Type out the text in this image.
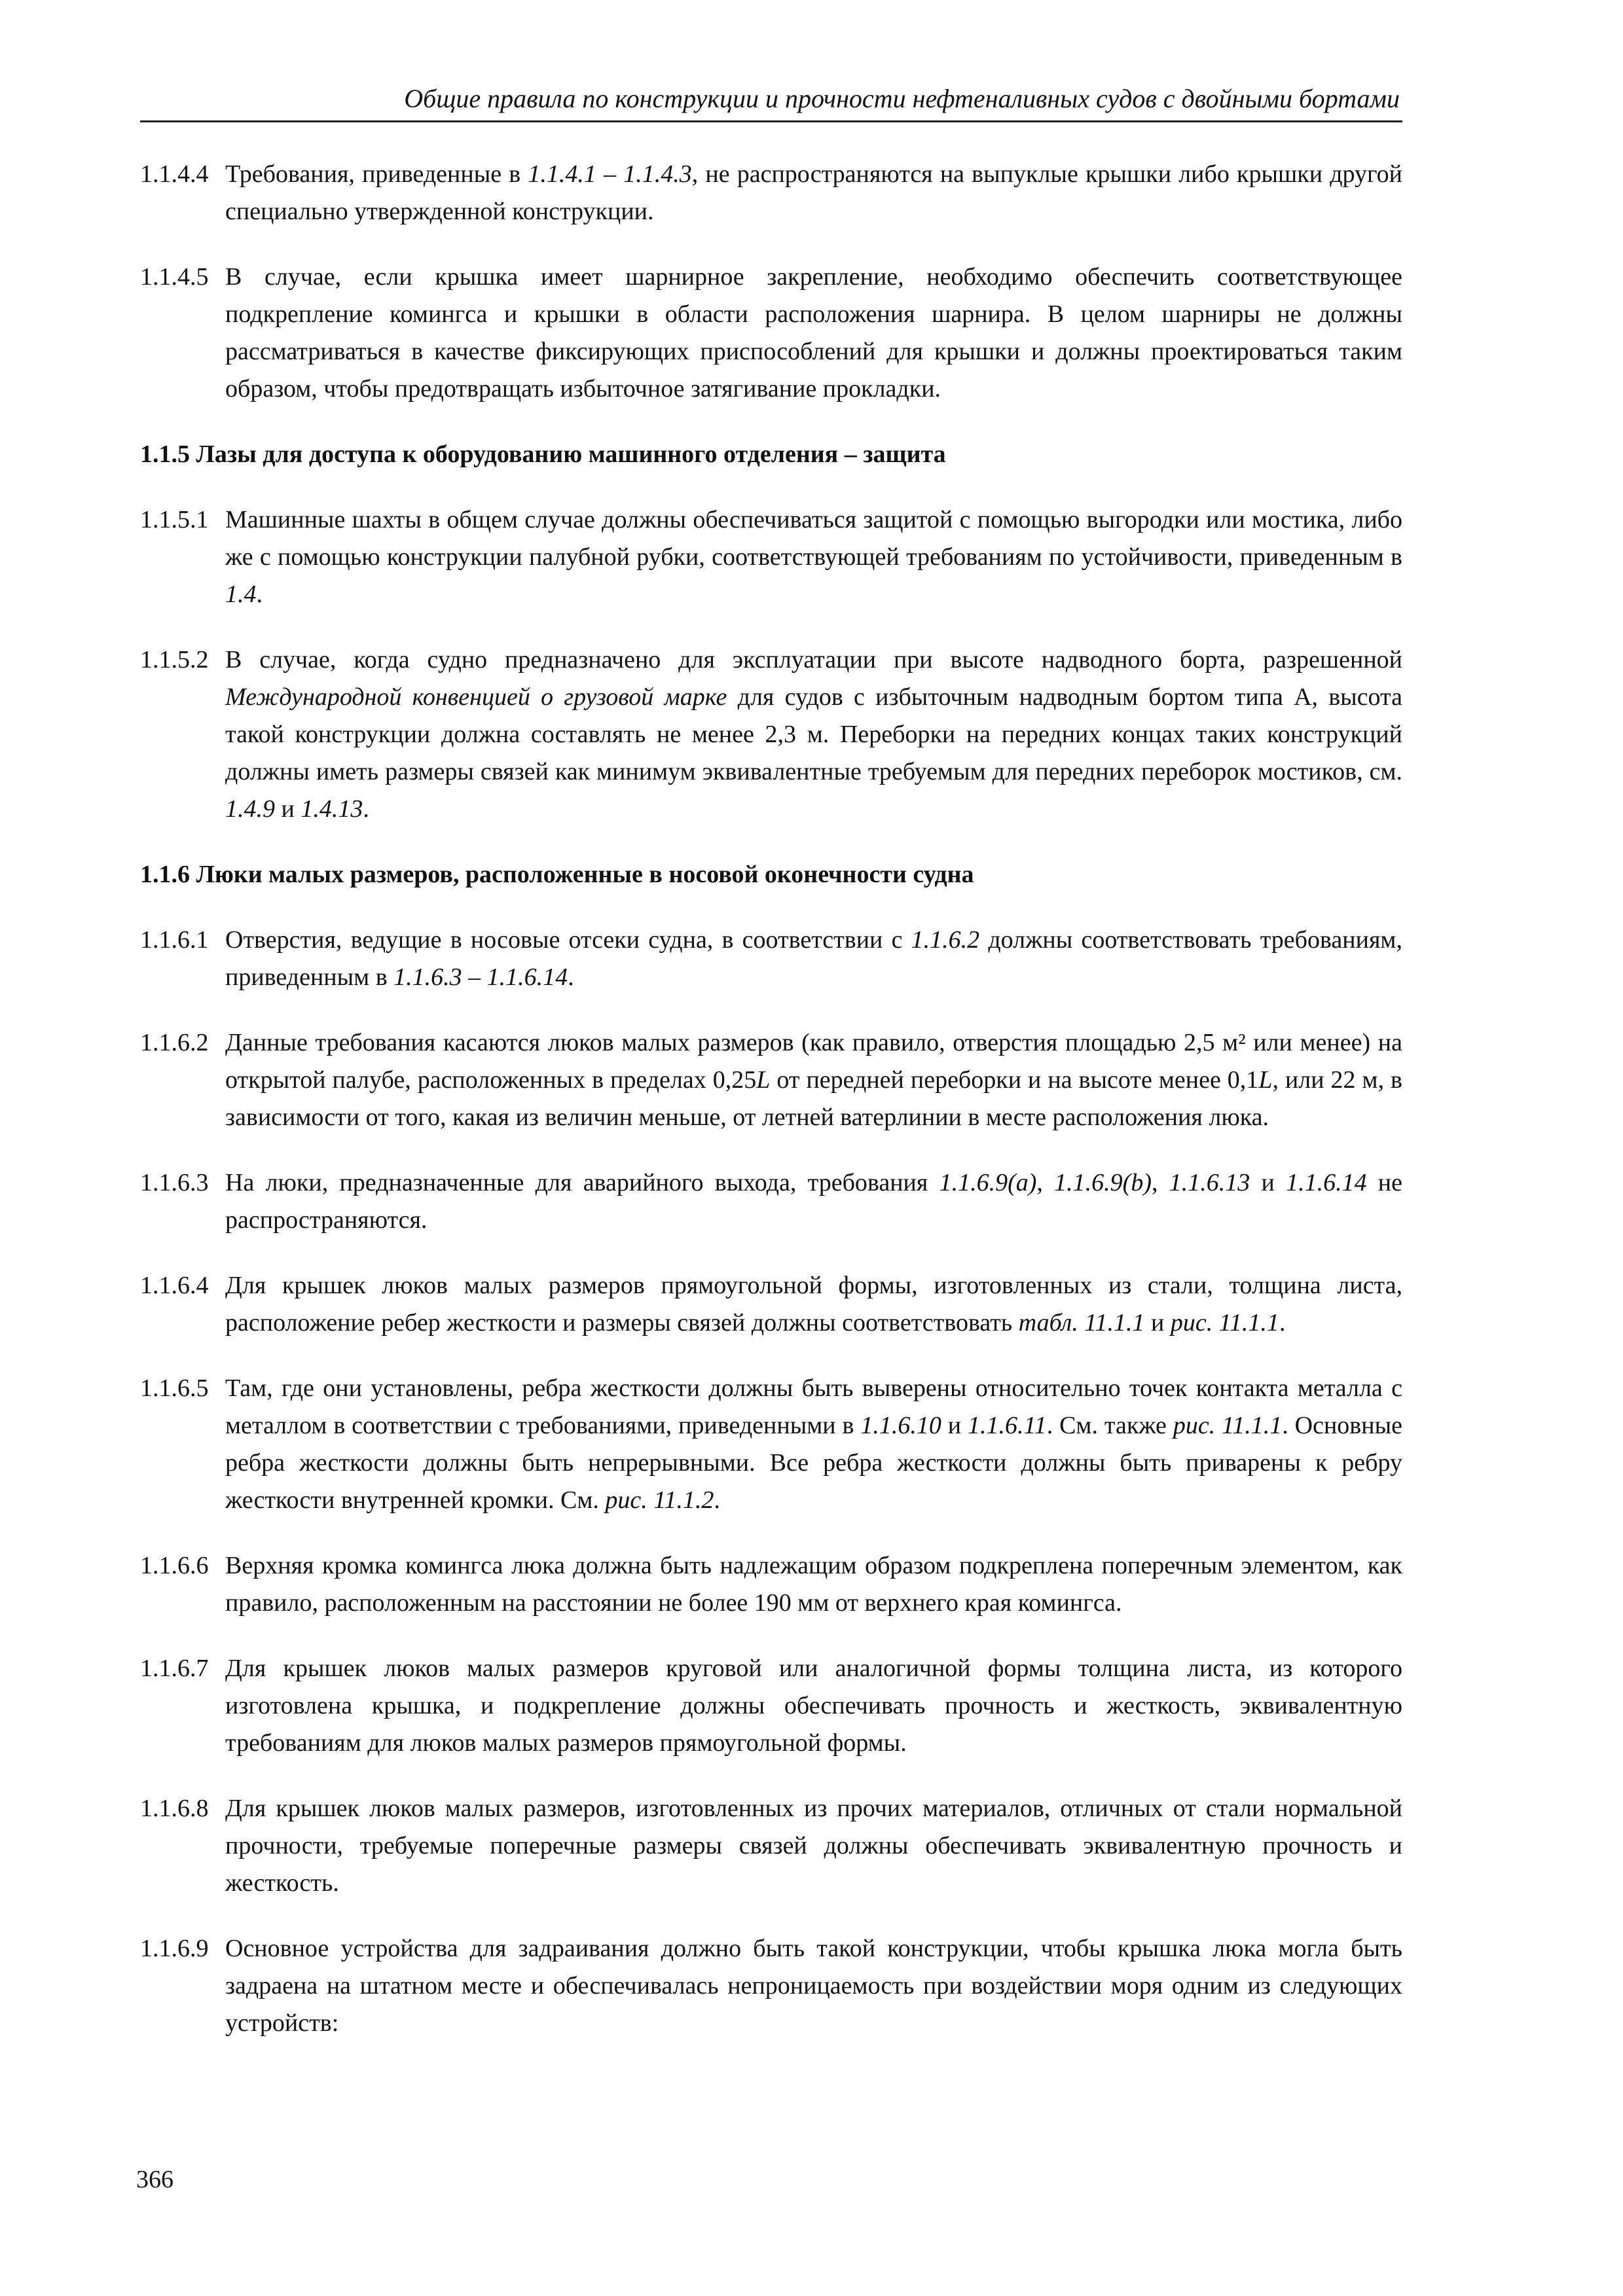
Общие правила по конструкции и прочности нефтеналивных судов с двойными бортами
1.1.4.4 Требования, приведенные в 1.1.4.1 – 1.1.4.3, не распространяются на выпуклые крышки либо крышки другой специально утвержденной конструкции.
1.1.4.5 В случае, если крышка имеет шарнирное закрепление, необходимо обеспечить соответствующее подкрепление комингса и крышки в области расположения шарнира. В целом шарниры не должны рассматриваться в качестве фиксирующих приспособлений для крышки и должны проектироваться таким образом, чтобы предотвращать избыточное затягивание прокладки.
1.1.5 Лазы для доступа к оборудованию машинного отделения – защита
1.1.5.1 Машинные шахты в общем случае должны обеспечиваться защитой с помощью выгородки или мостика, либо же с помощью конструкции палубной рубки, соответствующей требованиям по устойчивости, приведенным в 1.4.
1.1.5.2 В случае, когда судно предназначено для эксплуатации при высоте надводного борта, разрешенной Международной конвенцией о грузовой марке для судов с избыточным надводным бортом типа А, высота такой конструкции должна составлять не менее 2,3 м. Переборки на передних концах таких конструкций должны иметь размеры связей как минимум эквивалентные требуемым для передних переборок мостиков, см. 1.4.9 и 1.4.13.
1.1.6 Люки малых размеров, расположенные в носовой оконечности судна
1.1.6.1 Отверстия, ведущие в носовые отсеки судна, в соответствии с 1.1.6.2 должны соответствовать требованиям, приведенным в 1.1.6.3 – 1.1.6.14.
1.1.6.2 Данные требования касаются люков малых размеров (как правило, отверстия площадью 2,5 м² или менее) на открытой палубе, расположенных в пределах 0,25L от передней переборки и на высоте менее 0,1L, или 22 м, в зависимости от того, какая из величин меньше, от летней ватерлинии в месте расположения люка.
1.1.6.3 На люки, предназначенные для аварийного выхода, требования 1.1.6.9(a), 1.1.6.9(b), 1.1.6.13 и 1.1.6.14 не распространяются.
1.1.6.4 Для крышек люков малых размеров прямоугольной формы, изготовленных из стали, толщина листа, расположение ребер жесткости и размеры связей должны соответствовать табл. 11.1.1 и рис. 11.1.1.
1.1.6.5 Там, где они установлены, ребра жесткости должны быть выверены относительно точек контакта металла с металлом в соответствии с требованиями, приведенными в 1.1.6.10 и 1.1.6.11. См. также рис. 11.1.1. Основные ребра жесткости должны быть непрерывными. Все ребра жесткости должны быть приварены к ребру жесткости внутренней кромки. См. рис. 11.1.2.
1.1.6.6 Верхняя кромка комингса люка должна быть надлежащим образом подкреплена поперечным элементом, как правило, расположенным на расстоянии не более 190 мм от верхнего края комингса.
1.1.6.7 Для крышек люков малых размеров круговой или аналогичной формы толщина листа, из которого изготовлена крышка, и подкрепление должны обеспечивать прочность и жесткость, эквивалентную требованиям для люков малых размеров прямоугольной формы.
1.1.6.8 Для крышек люков малых размеров, изготовленных из прочих материалов, отличных от стали нормальной прочности, требуемые поперечные размеры связей должны обеспечивать эквивалентную прочность и жесткость.
1.1.6.9 Основное устройства для задраивания должно быть такой конструкции, чтобы крышка люка могла быть задраена на штатном месте и обеспечивалась непроницаемость при воздействии моря одним из следующих устройств:
366
